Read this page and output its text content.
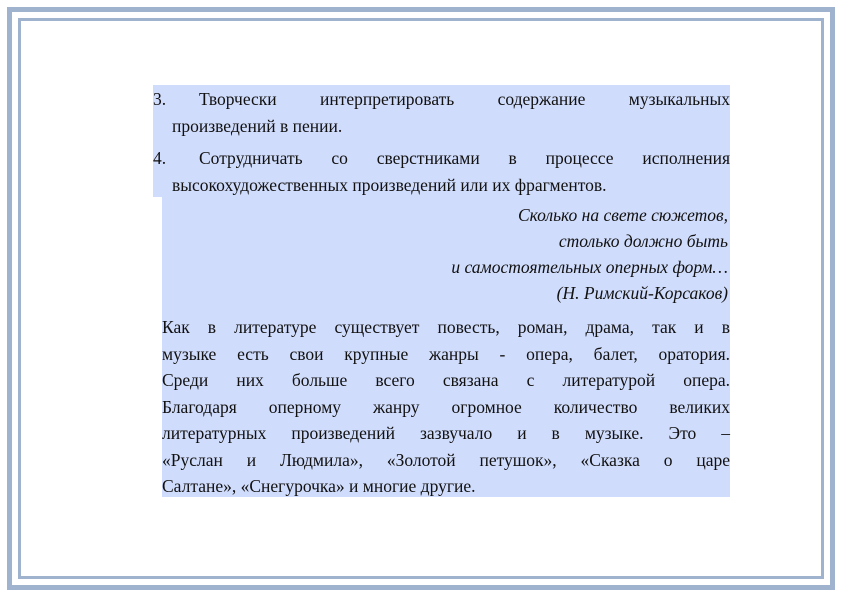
3. Творчески интерпретировать содержание музыкальных
произведений в пении.
4. Сотрудничать со сверстниками в процессе исполнения
высокохудожественных произведений или их фрагментов.
Сколько на свете сюжетов,
столько должно быть
и самостоятельных оперных форм…
(Н. Римский-Корсаков)
Как в литературе существует повесть, роман, драма, так и в
музыке есть свои крупные жанры - опера, балет, оратория.
Среди них больше всего связана с литературой опера.
Благодаря оперному жанру огромное количество великих
литературных произведений зазвучало и в музыке. Это –
«Руслан и Людмила», «Золотой петушок», «Сказка о царе
Салтане», «Снегурочка» и многие другие.
